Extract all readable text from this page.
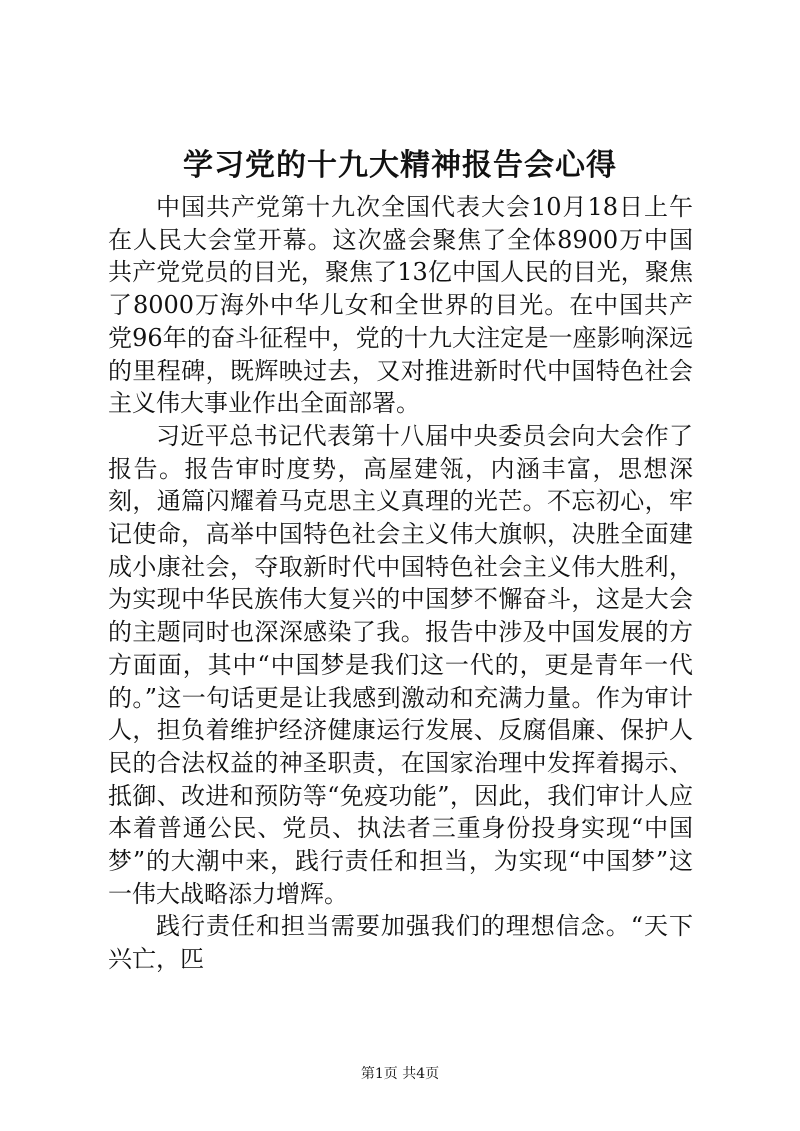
学习党的十九大精神报告会心得

中国共产党第十九次全国代表大会10月18日上午在人民大会堂开幕。这次盛会聚焦了全体8900万中国共产党党员的目光，聚焦了13亿中国人民的目光，聚焦了8000万海外中华儿女和全世界的目光。在中国共产党96年的奋斗征程中，党的十九大注定是一座影响深远的里程碑，既辉映过去，又对推进新时代中国特色社会主义伟大事业作出全面部署。

习近平总书记代表第十八届中央委员会向大会作了报告。报告审时度势，高屋建瓴，内涵丰富，思想深刻，通篇闪耀着马克思主义真理的光芒。不忘初心，牢记使命，高举中国特色社会主义伟大旗帜，决胜全面建成小康社会，夺取新时代中国特色社会主义伟大胜利，为实现中华民族伟大复兴的中国梦不懈奋斗，这是大会的主题同时也深深感染了我。报告中涉及中国发展的方方面面，其中“中国梦是我们这一代的，更是青年一代的。”这一句话更是让我感到激动和充满力量。作为审计人，担负着维护经济健康运行发展、反腐倡廉、保护人民的合法权益的神圣职责，在国家治理中发挥着揭示、抵御、改进和预防等“免疫功能”，因此，我们审计人应本着普通公民、党员、执法者三重身份投身实现“中国梦”的大潮中来，践行责任和担当，为实现“中国梦”这一伟大战略添力增辉。

践行责任和担当需要加强我们的理想信念。“天下兴亡，匹

第1页 共4页
